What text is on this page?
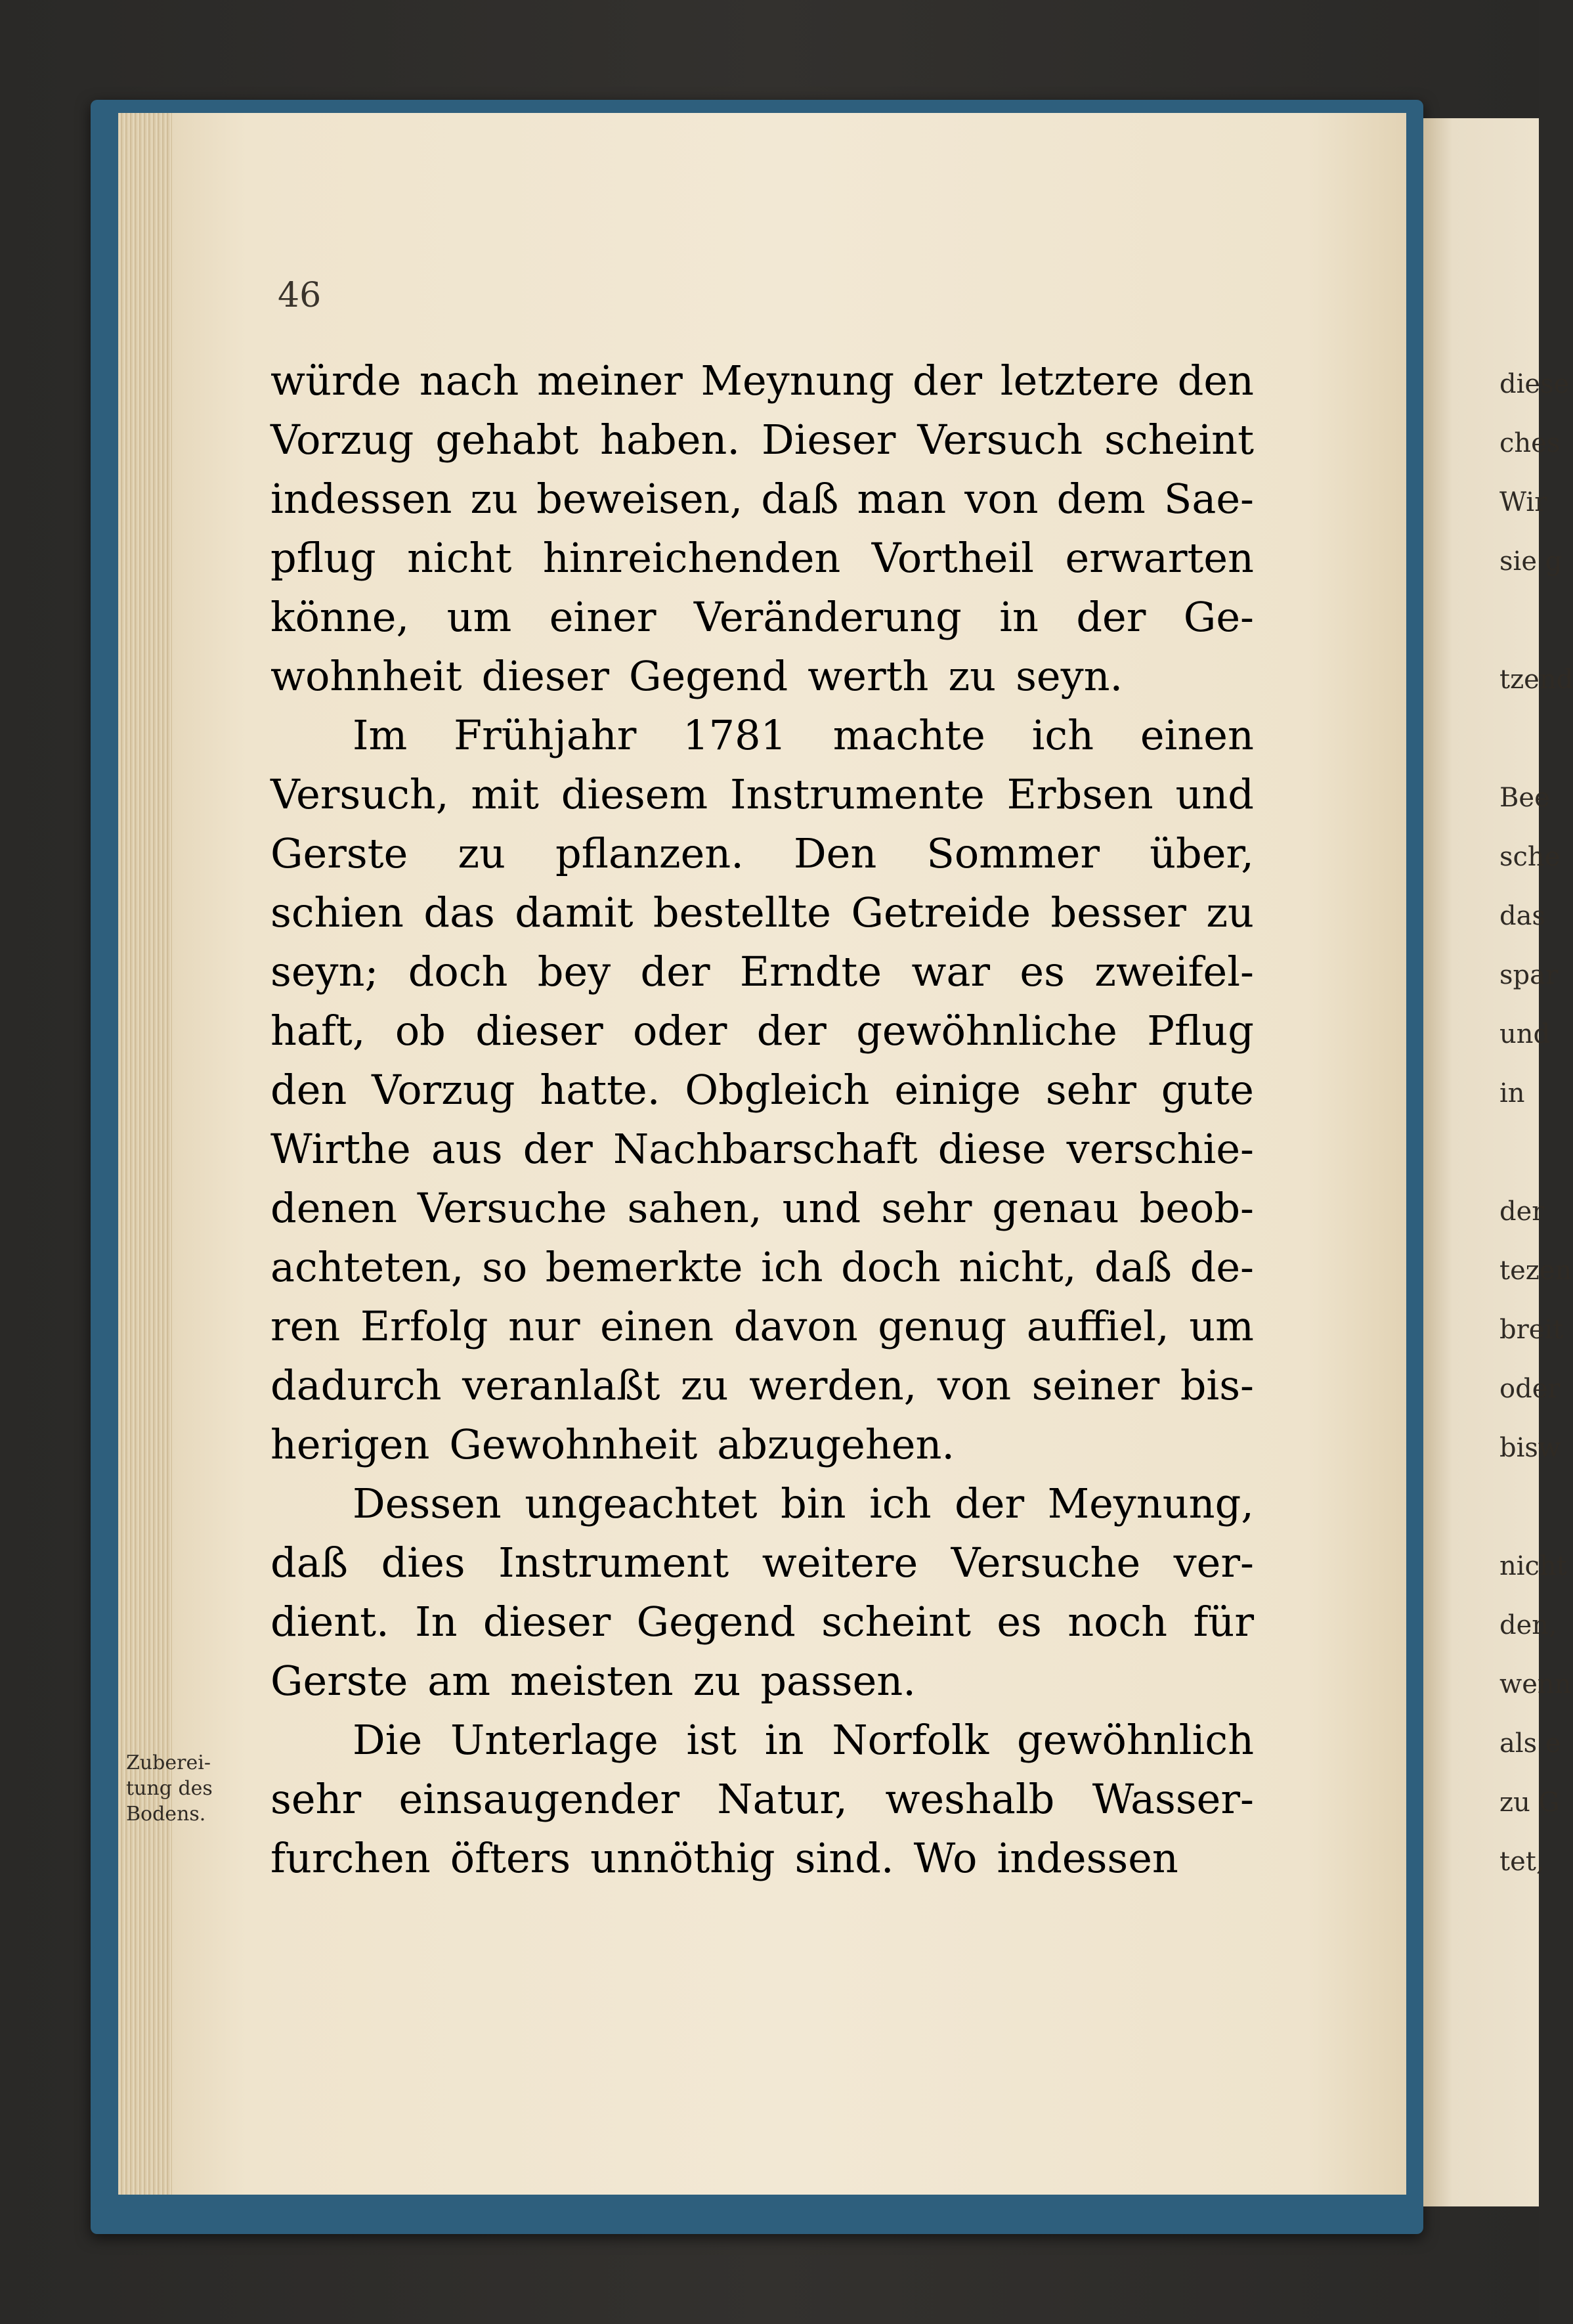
46
würde nach meiner Meynung der letztere den
Vorzug gehabt haben. Dieser Versuch scheint
indessen zu beweisen, daß man von dem Sae-
pflug nicht hinreichenden Vortheil erwarten
könne, um einer Veränderung in der Ge-
wohnheit dieser Gegend werth zu seyn.
Im Frühjahr 1781 machte ich einen
Versuch, mit diesem Instrumente Erbsen und
Gerste zu pflanzen. Den Sommer über,
schien das damit bestellte Getreide besser zu
seyn; doch bey der Erndte war es zweifel-
haft, ob dieser oder der gewöhnliche Pflug
den Vorzug hatte. Obgleich einige sehr gute
Wirthe aus der Nachbarschaft diese verschie-
denen Versuche sahen, und sehr genau beob-
achteten, so bemerkte ich doch nicht, daß de-
ren Erfolg nur einen davon genug auffiel, um
dadurch veranlaßt zu werden, von seiner bis-
herigen Gewohnheit abzugehen.
Dessen ungeachtet bin ich der Meynung,
daß dies Instrument weitere Versuche ver-
dient. In dieser Gegend scheint es noch für
Gerste am meisten zu passen.
Die Unterlage ist in Norfolk gewöhnlich
sehr einsaugender Natur, weshalb Wasser-
furchen öfters unnöthig sind. Wo indessen
Zuberei-
tung des
Bodens.
diese
ches
Wir
sie g
tzend
Bee
sche
das
spar
und
in
der
tezen
breit
oder
bisw
nicht
den,
wenn
als e
zu G
tet,
